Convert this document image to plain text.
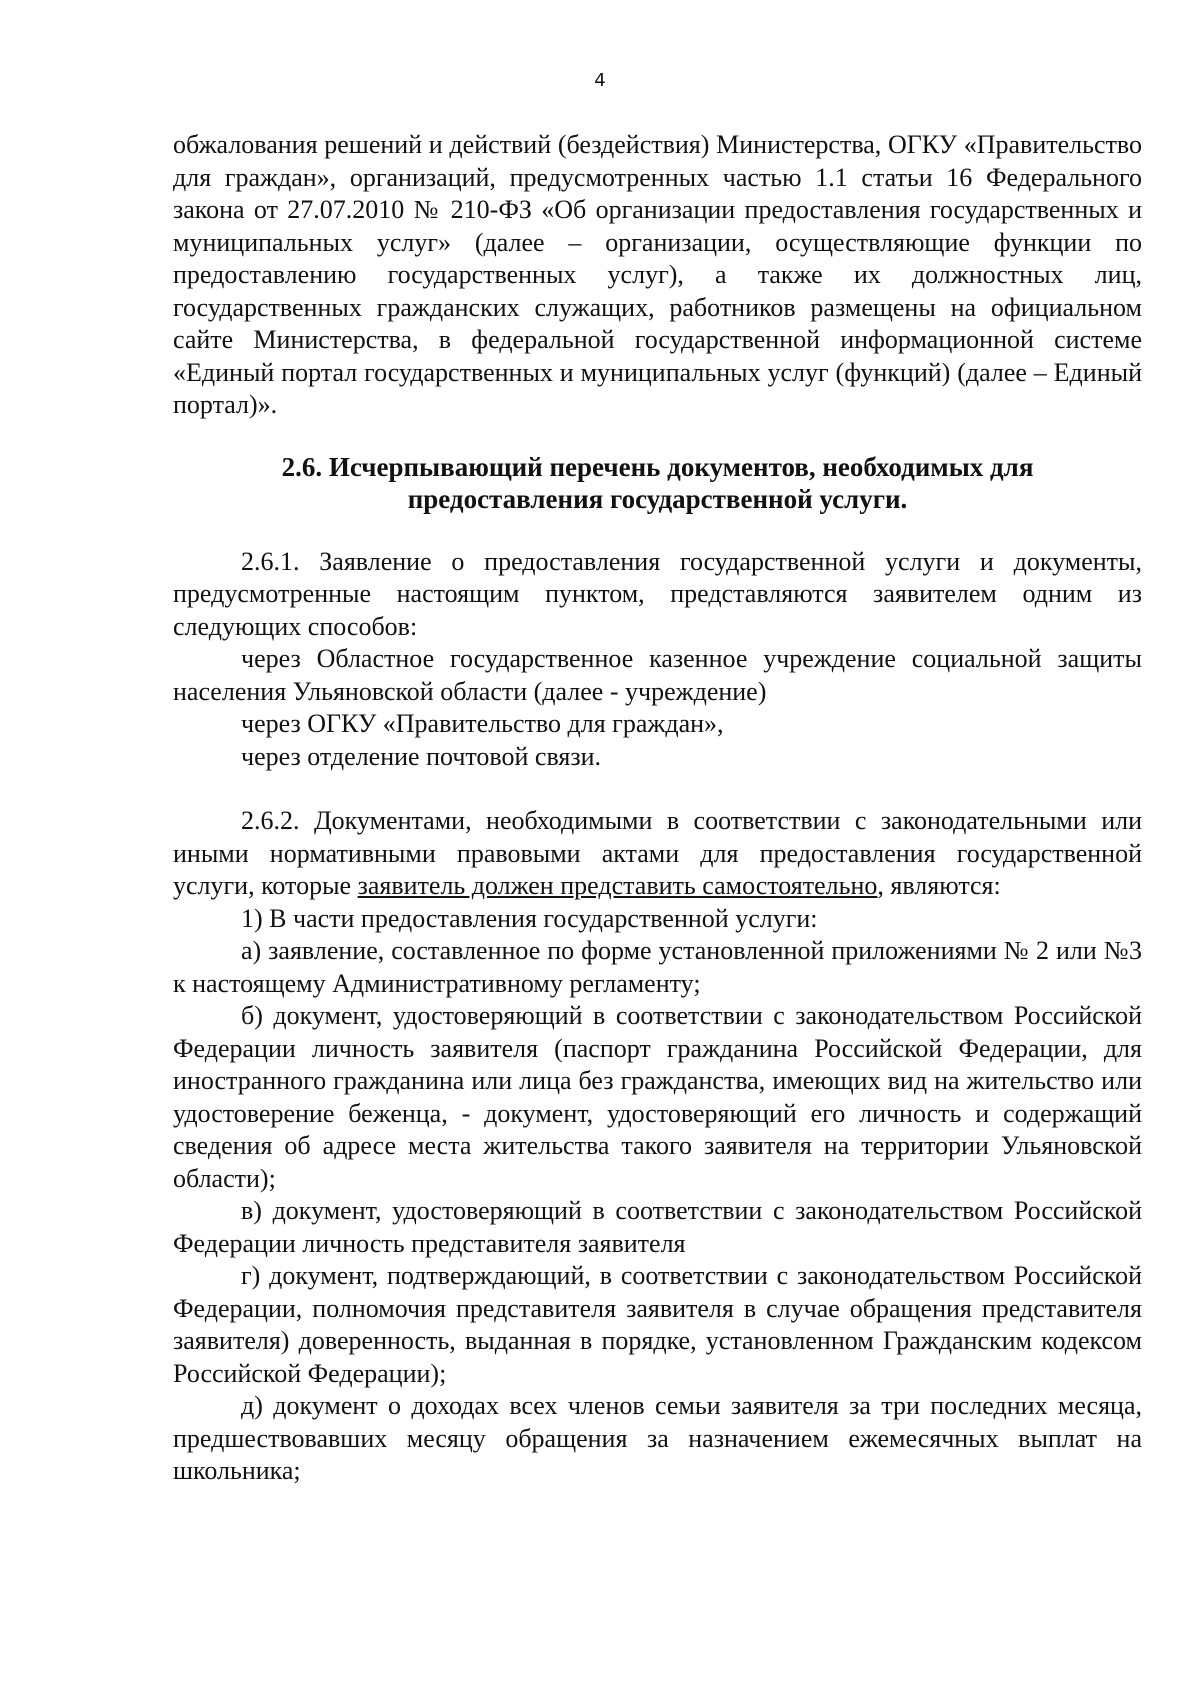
4

обжалования решений и действий (бездействия) Министерства, ОГКУ «Правительство для граждан», организаций, предусмотренных частью 1.1 статьи 16 Федерального закона от 27.07.2010 № 210-ФЗ «Об организации предоставления государственных и муниципальных услуг» (далее – организации, осуществляющие функции по предоставлению государственных услуг), а также их должностных лиц, государственных гражданских служащих, работников размещены на официальном сайте Министерства, в федеральной государственной информационной системе «Единый портал государственных и муниципальных услуг (функций) (далее – Единый портал)».

2.6. Исчерпывающий перечень документов, необходимых для
предоставления государственной услуги.

2.6.1. Заявление о предоставления государственной услуги и документы, предусмотренные настоящим пунктом, представляются заявителем одним из следующих способов:

через Областное государственное казенное учреждение социальной защиты населения Ульяновской области (далее - учреждение)

через ОГКУ «Правительство для граждан»,

через отделение почтовой связи.

2.6.2. Документами, необходимыми в соответствии с законодательными или иными нормативными правовыми актами для предоставления государственной услуги, которые заявитель должен представить самостоятельно, являются:

1) В части предоставления государственной услуги:

а) заявление, составленное по форме установленной приложениями № 2 или №3 к настоящему Административному регламенту;

б) документ, удостоверяющий в соответствии с законодательством Российской Федерации личность заявителя (паспорт гражданина Российской Федерации, для иностранного гражданина или лица без гражданства, имеющих вид на жительство или удостоверение беженца, - документ, удостоверяющий его личность и содержащий сведения об адресе места жительства такого заявителя на территории Ульяновской области);

в) документ, удостоверяющий в соответствии с законодательством Российской Федерации личность представителя заявителя

г) документ, подтверждающий, в соответствии с законодательством Российской Федерации, полномочия представителя заявителя в случае обращения представителя заявителя) доверенность, выданная в порядке, установленном Гражданским кодексом Российской Федерации);

д) документ о доходах всех членов семьи заявителя за три последних месяца, предшествовавших месяцу обращения за назначением ежемесячных выплат на школьника;
